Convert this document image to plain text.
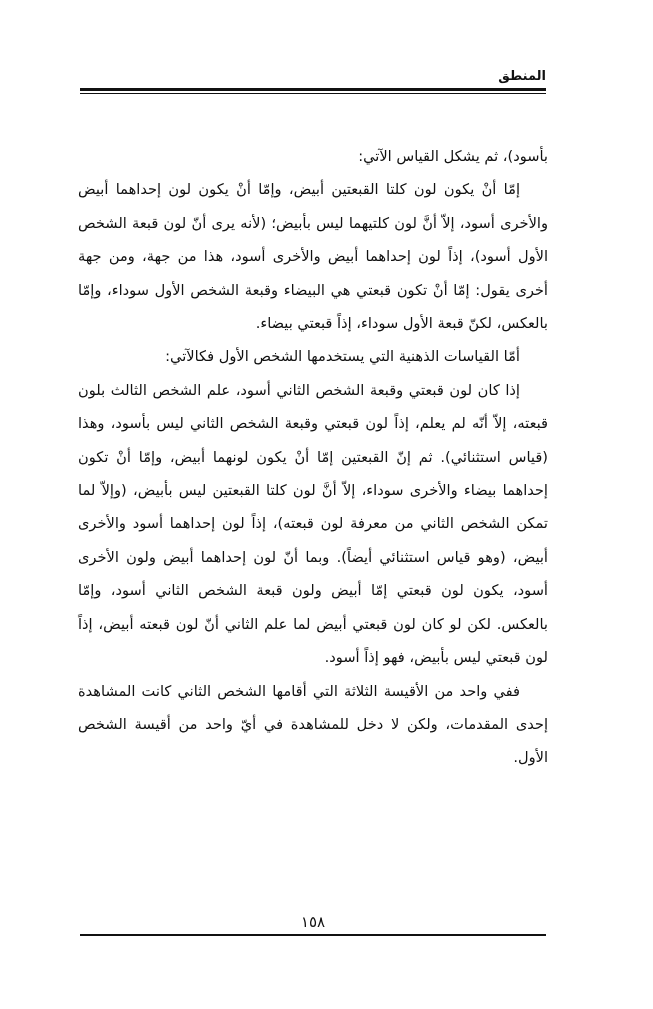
المنطق

بأسود)، ثم يشكل القياس الآتي:

إمّا أنْ يكون لون كلتا القبعتين أبيض، وإمّا أنْ يكون لون إحداهما أبيض والأخرى أسود، إلاّ أنَّ لون كلتيهما ليس بأبيض؛ (لأنه يرى أنّ لون قبعة الشخص الأول أسود)، إذاً لون إحداهما أبيض والأخرى أسود، هذا من جهة، ومن جهة أخرى يقول: إمّا أنْ تكون قبعتي هي البيضاء وقبعة الشخص الأول سوداء، وإمّا بالعكس، لكنّ قبعة الأول سوداء، إذاً قبعتي بيضاء.

أمّا القياسات الذهنية التي يستخدمها الشخص الأول فكالآتي:

إذا كان لون قبعتي وقبعة الشخص الثاني أسود، علم الشخص الثالث بلون قبعته، إلاّ أنّه لم يعلم، إذاً لون قبعتي وقبعة الشخص الثاني ليس بأسود، وهذا (قياس استثنائي). ثم إنّ القبعتين إمّا أنْ يكون لونهما أبيض، وإمّا أنْ تكون إحداهما بيضاء والأخرى سوداء، إلاّ أنَّ لون كلتا القبعتين ليس بأبيض، (وإلاّ لما تمكن الشخص الثاني من معرفة لون قبعته)، إذاً لون إحداهما أسود والأخرى أبيض، (وهو قياس استثنائي أيضاً). وبما أنّ لون إحداهما أبيض ولون الأخرى أسود، يكون لون قبعتي إمّا أبيض ولون قبعة الشخص الثاني أسود، وإمّا بالعكس. لكن لو كان لون قبعتي أبيض لما علم الثاني أنّ لون قبعته أبيض، إذاً لون قبعتي ليس بأبيض، فهو إذاً أسود.

ففي واحد من الأقيسة الثلاثة التي أقامها الشخص الثاني كانت المشاهدة إحدى المقدمات، ولكن لا دخل للمشاهدة في أيّ واحد من أقيسة الشخص الأول.

١٥٨
